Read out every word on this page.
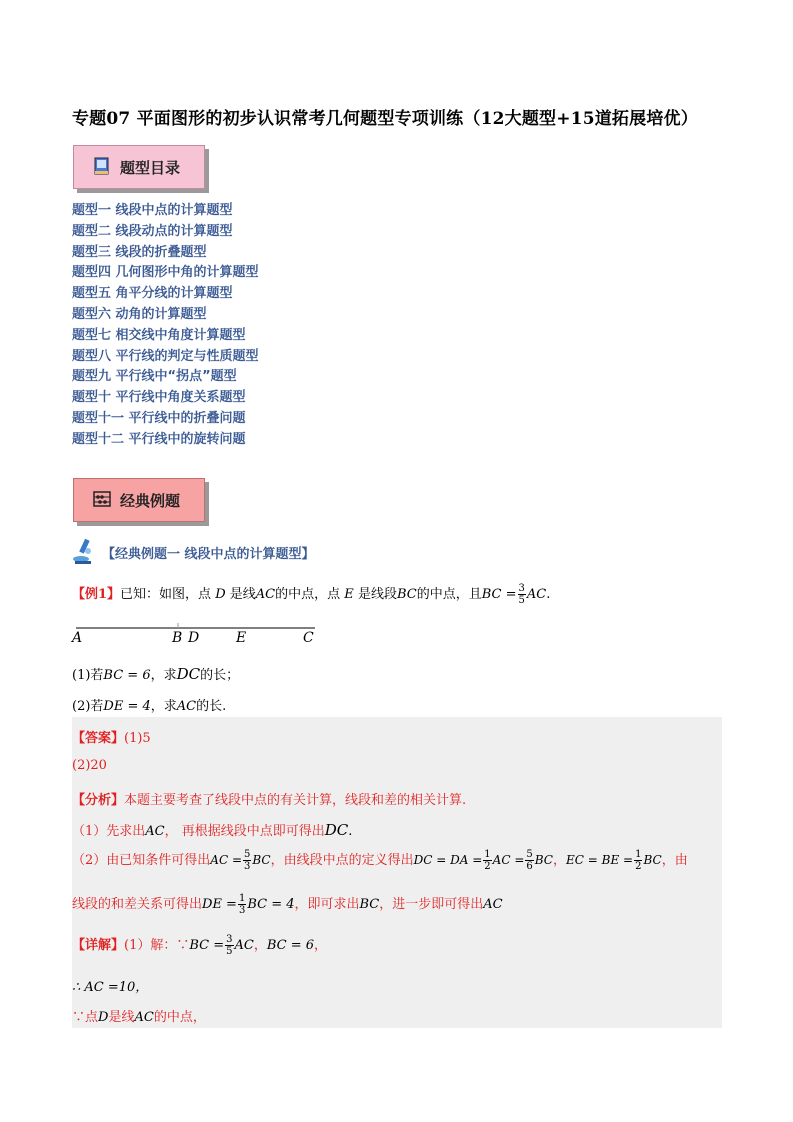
专题07 平面图形的初步认识常考几何题型专项训练（12大题型+15道拓展培优）
题型目录
题型一 线段中点的计算题型
题型二 线段动点的计算题型
题型三 线段的折叠题型
题型四 几何图形中角的计算题型
题型五 角平分线的计算题型
题型六 动角的计算题型
题型七 相交线中角度计算题型
题型八 平行线的判定与性质题型
题型九 平行线中“拐点”题型
题型十 平行线中角度关系题型
题型十一 平行线中的折叠问题
题型十二 平行线中的旋转问题
经典例题
【经典例题一 线段中点的计算题型】
【例1】已知：如图，点 D 是线AC的中点，点 E 是线段BC的中点，且BC = $\frac{3}{5}$ AC.
A	B D	E	C
(1)若BC = 6，求DC的长；
(2)若DE = 4，求AC的长.
【答案】(1)5
(2)20
【分析】本题主要考查了线段中点的有关计算，线段和差的相关计算.
（1）先求出AC， 再根据线段中点即可得出DC.
（2）由已知条件可得出AC = $\frac{5}{3}$ BC，由线段中点的定义得出DC = DA = $\frac{1}{2}$ AC = $\frac{5}{6}$ BC，EC = BE = $\frac{1}{2}$ BC，由
线段的和差关系可得出DE = $\frac{1}{3}$ BC = 4，即可求出BC，进一步即可得出AC
【详解】(1）解：∵BC = $\frac{3}{5}$ AC，BC = 6，
∴ AC =10，
∵点D是线AC的中点，
